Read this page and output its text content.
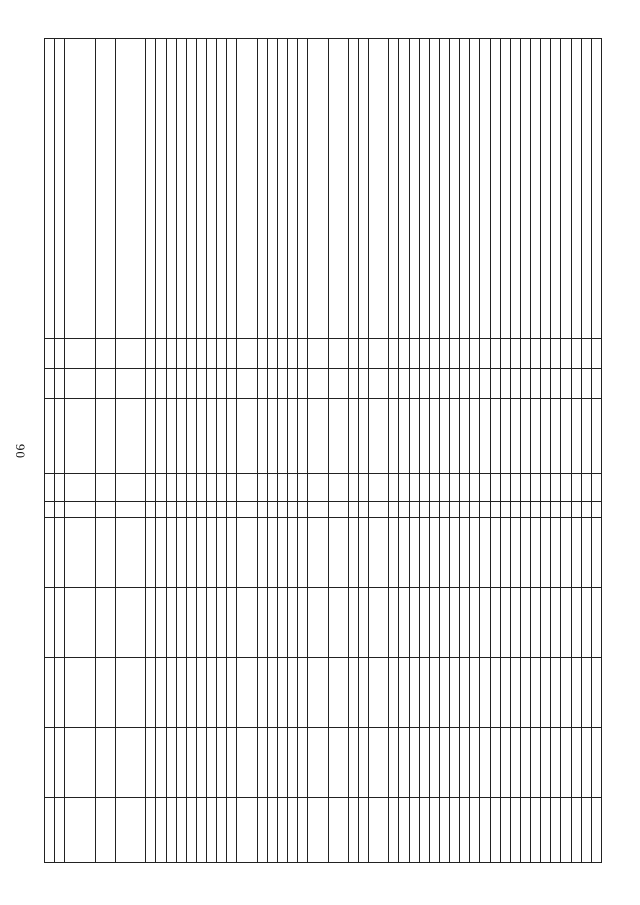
90
